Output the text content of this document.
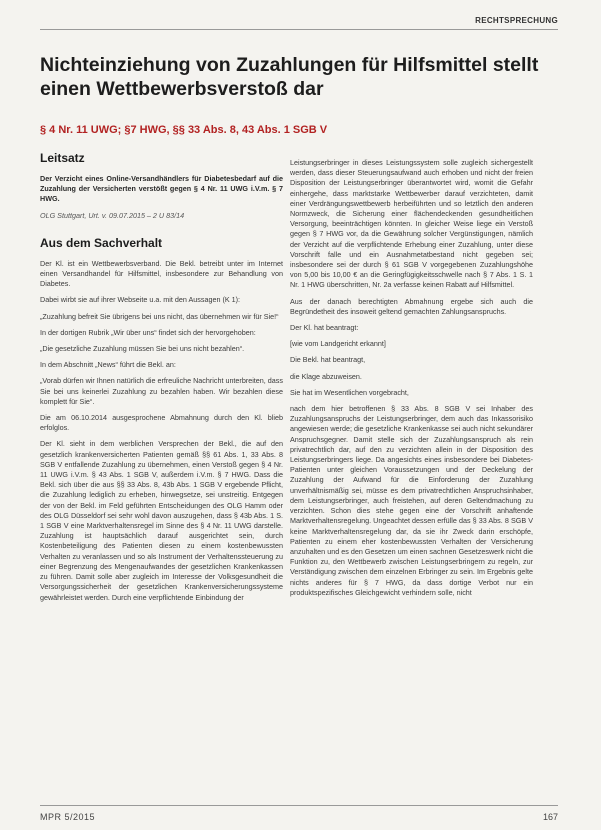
RECHTSPRECHUNG
Nichteinziehung von Zuzahlungen für Hilfsmittel stellt einen Wettbewerbsverstoß dar
§ 4 Nr. 11 UWG; §7 HWG, §§ 33 Abs. 8, 43 Abs. 1 SGB V
Leitsatz

Der Verzicht eines Online-Versandhändlers für Diabetesbedarf auf die Zuzahlung der Versicherten verstößt gegen § 4 Nr. 11 UWG i.V.m. § 7 HWG.

OLG Stuttgart, Urt. v. 09.07.2015 – 2 U 83/14

Aus dem Sachverhalt

Der Kl. ist ein Wettbewerbsverband. Die Bekl. betreibt unter im Internet einen Versandhandel für Hilfsmittel, insbesondere zur Behandlung von Diabetes.

Dabei wirbt sie auf ihrer Webseite u.a. mit den Aussagen (K 1):

„Zuzahlung befreit Sie übrigens bei uns nicht, das übernehmen wir für Sie!“

In der dortigen Rubrik „Wir über uns“ findet sich der hervorgehoben:

„Die gesetzliche Zuzahlung müssen Sie bei uns nicht bezahlen“.

In dem Abschnitt „News“ führt die Bekl. an:

„Vorab dürfen wir Ihnen natürlich die erfreuliche Nachricht unterbreiten, dass Sie bei uns keinerlei Zuzahlung zu bezahlen haben. Wir bezahlen diese komplett für Sie“.

Die am 06.10.2014 ausgesprochene Abmahnung durch den Kl. blieb erfolglos.

Der Kl. sieht in dem werblichen Versprechen der Bekl., die auf den gesetzlich krankenversicherten Patienten gemäß §§ 61 Abs. 1, 33 Abs. 8 SGB V entfallende Zuzahlung zu übernehmen, einen Verstoß gegen § 4 Nr. 11 UWG i.V.m. § 43 Abs. 1 SGB V, außerdem i.V.m. § 7 HWG. Dass die Bekl. sich über die aus §§ 33 Abs. 8, 43b Abs. 1 SGB V ergebende Pflicht, die Zuzahlung lediglich zu erheben, hinwegsetze, sei unstreitig. Entgegen der von der Bekl. im Feld geführten Entscheidungen des OLG Hamm oder des OLG Düsseldorf sei sehr wohl davon auszugehen, dass § 43b Abs. 1 S. 1 SGB V eine Marktverhaltensregel im Sinne des § 4 Nr. 11 UWG darstelle. Zuzahlung ist hauptsächlich darauf ausgerichtet sein, durch Kostenbeteiligung des Patienten diesen zu einem kostenbewussten Verhalten zu veranlassen und so als Instrument der Verhaltenssteuerung zu einer Begrenzung des Mengenaufwandes der gesetzlichen Krankenkassen zu führen. Damit solle aber zugleich im Interesse der Volksgesundheit die Versorgungssicherheit der gesetzlichen Krankenversicherungssysteme gewährleistet werden. Durch eine verpflichtende Einbindung der

Leistungserbringer in dieses Leistungssystem solle zugleich sichergestellt werden, dass dieser Steuerungsaufwand auch erhoben und nicht der freien Disposition der Leistungserbringer überantwortet wird, womit die Gefahr einhergehe, dass marktstarke Wettbewerber darauf verzichteten, damit einer Verdrängungswettbewerb herbeiführten und so letztlich den anderen Normzweck, die Sicherung einer flächendeckenden gesundheitlichen Versorgung, beeinträchtigen könnten. In gleicher Weise liege ein Verstoß gegen § 7 HWG vor, da die Gewährung solcher Vergünstigungen, nämlich der Verzicht auf die verpflichtende Erhebung einer Zuzahlung, unter diese Vorschrift falle und ein Ausnahmetatbestand nicht gegeben sei; insbesondere sei der durch § 61 SGB V vorgegebenen Zuzahlungshöhe von 5,00 bis 10,00 € an die Geringfügigkeitsschwelle nach § 7 Abs. 1 S. 1 Nr. 1 HWG überschritten, Nr. 2a verfasse keinen Rabatt auf Hilfsmittel.

Aus der danach berechtigten Abmahnung ergebe sich auch die Begründetheit des insoweit geltend gemachten Zahlungsanspruchs.

Der Kl. hat beantragt:

[wie vom Landgericht erkannt]

Die Bekl. hat beantragt,

die Klage abzuweisen.

Sie hat im Wesentlichen vorgebracht,

nach dem hier betroffenen § 33 Abs. 8 SGB V sei Inhaber des Zuzahlungsanspruchs der Leistungserbringer, dem auch das Inkassorisiko angewiesen werde; die gesetzliche Krankenkasse sei auch nicht sekundärer Anspruchsgegner. Damit stelle sich der Zuzahlungsanspruch als rein privatrechtlich dar, auf den zu verzichten allein in der Disposition des Leistungserbringers liege. Da angesichts eines insbesondere bei Diabetes-Patienten unter gleichen Voraussetzungen und der Deckelung der Zuzahlung der Aufwand für die Einforderung der Zuzahlung unverhältnismäßig sei, müsse es dem privatrechtlichen Anspruchsinhaber, dem Leistungserbringer, auch freistehen, auf deren Geltendmachung zu verzichten. Schon dies stehe gegen eine der Vorschrift anhaftende Marktverhaltensregelung. Ungeachtet dessen erfülle das § 33 Abs. 8 SGB V keine Marktverhaltensregelung dar, da sie ihr Zweck darin erschöpfe, Patienten zu einem eher kostenbewussten Verhalten der Versicherung anzuhalten und es den Gesetzen um einen sachnen Gesetzeswerk nicht die Funktion zu, den Wettbewerb zwischen Leistungserbringern zu regeln, zur Verständigung zwischen dem einzelnen Erbringer zu sein. Im Ergebnis gelte nichts anderes für § 7 HWG, da dass dortige Verbot nur ein produktspezifisches Gleichgewicht verhindern solle, nicht

MPR 5/2015	167
